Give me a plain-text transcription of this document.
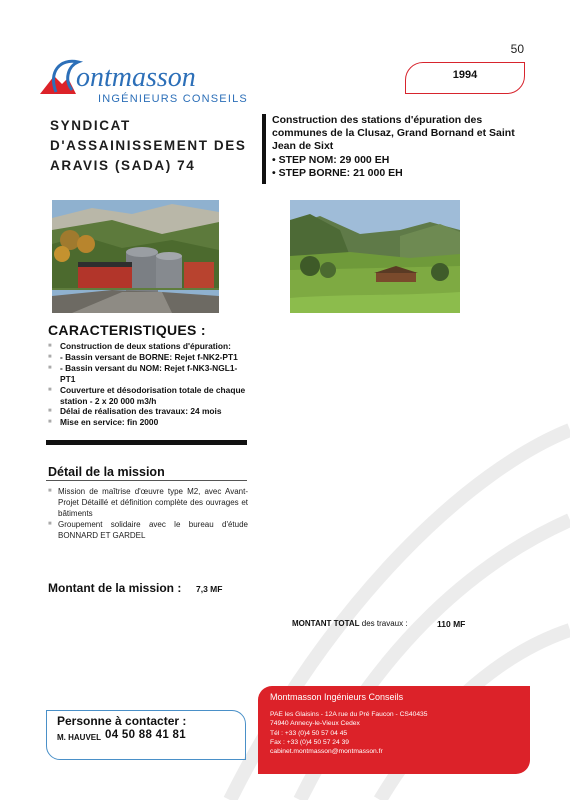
50
ontmasson
INGÉNIEURS CONSEILS
1994
SYNDICAT D'ASSAINISSEMENT DES ARAVIS (SADA) 74
Construction des stations d'épuration des communes de la Clusaz, Grand Bornand et Saint Jean de Sixt
• STEP NOM: 29 000 EH
• STEP BORNE: 21 000 EH
CARACTERISTIQUES :
■ Construction de deux stations d'épuration:
■ - Bassin versant de BORNE: Rejet f-NK2-PT1
■ - Bassin versant du NOM: Rejet f-NK3-NGL1-PT1
■ Couverture et désodorisation totale de chaque station - 2 x 20 000 m3/h
■ Délai de réalisation des travaux: 24 mois
■ Mise en service: fin 2000
Détail de la mission
■ Mission de maîtrise d'œuvre type M2, avec Avant-Projet Détaillé et définition complète des ouvrages et bâtiments
■ Groupement solidaire avec le bureau d'étude BONNARD ET GARDEL
Montant de la mission : 7,3 MF
MONTANT TOTAL des travaux :	110 MF
Personne à contacter :
M. HAUVEL 04 50 88 41 81
Montmasson Ingénieurs Conseils
PAE les Glaisins - 12A rue du Pré Faucon - CS40435
74940 Annecy-le-Vieux Cedex
Tél : +33 (0)4 50 57 04 45
Fax : +33 (0)4 50 57 24 39
cabinet.montmasson@montmasson.fr
